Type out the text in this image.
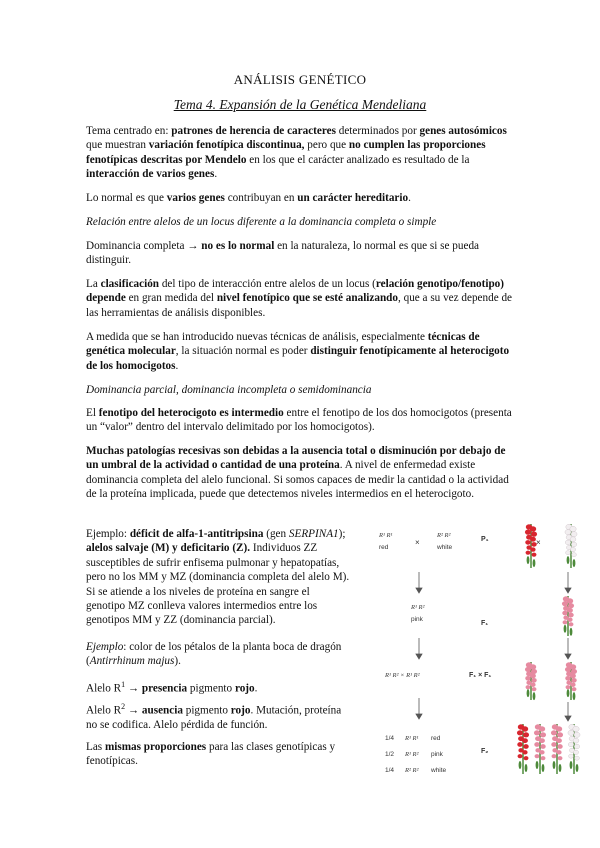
ANÁLISIS GENÉTICO
Tema 4. Expansión de la Genética Mendeliana
Tema centrado en: patrones de herencia de caracteres determinados por genes autosómicos que muestran variación fenotípica discontinua, pero que no cumplen las proporciones fenotípicas descritas por Mendelo en los que el carácter analizado es resultado de la interacción de varios genes.
Lo normal es que varios genes contribuyan en un carácter hereditario.
Relación entre alelos de un locus diferente a la dominancia completa o simple
Dominancia completa → no es lo normal en la naturaleza, lo normal es que si se pueda distinguir.
La clasificación del tipo de interacción entre alelos de un locus (relación genotipo/fenotipo) depende en gran medida del nivel fenotípico que se esté analizando, que a su vez depende de las herramientas de análisis disponibles.
A medida que se han introducido nuevas técnicas de análisis, especialmente técnicas de genética molecular, la situación normal es poder distinguir fenotípicamente al heterocigoto de los homocigotos.
Dominancia parcial, dominancia incompleta o semidominancia
El fenotipo del heterocigoto es intermedio entre el fenotipo de los dos homocigotos (presenta un “valor” dentro del intervalo delimitado por los homocigotos).
Muchas patologías recesivas son debidas a la ausencia total o disminución por debajo de un umbral de la actividad o cantidad de una proteína. A nivel de enfermedad existe dominancia completa del alelo funcional. Si somos capaces de medir la cantidad o la actividad de la proteína implicada, puede que detectemos niveles intermedios en el heterocigoto.
Ejemplo: déficit de alfa-1-antitripsina (gen SERPINA1); alelos salvaje (M) y deficitario (Z). Individuos ZZ susceptibles de sufrir enfisema pulmonar y hepatopatías, pero no los MM y MZ (dominancia completa del alelo M). Si se atiende a los niveles de proteína en sangre el genotipo MZ conlleva valores intermedios entre los genotipos MM y ZZ (dominancia parcial).
Ejemplo: color de los pétalos de la planta boca de dragón (Antirrhinum majus).
Alelo $R^1$ → presencia pigmento rojo.
Alelo $R^2$ → ausencia pigmento rojo. Mutación, proteína no se codifica. Alelo pérdida de función.
Las mismas proporciones para las clases genotípicas y fenotípicas.
R¹ R¹
red
×
R² R²
white
P₁	×
R¹ R²
pink
F₁
R¹ R² × R¹ R²	F₁ × F₁
1/4 R¹ R¹ red
1/2 R¹ R² pink
1/4 R² R² white
F₂
